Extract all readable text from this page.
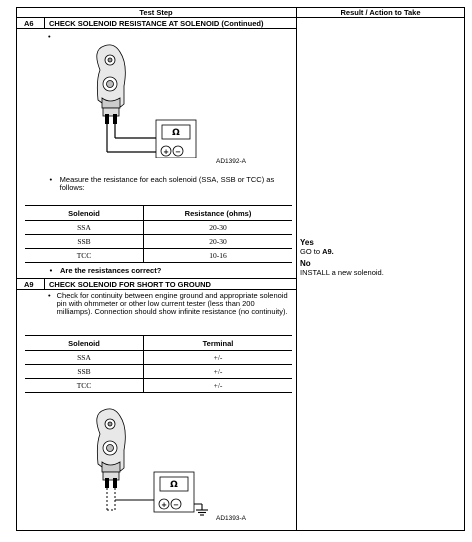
Test Step	Result / Action to Take
A6 CHECK SOLENOID RESISTANCE AT SOLENOID (Continued)
•
Ω
+ −
AD1392-A
• Measure the resistance for each solenoid (SSA, SSB or TCC) as follows:
Solenoid	Resistance (ohms)
SSA	20-30
SSB	20-30
TCC	10-16
• Are the resistances correct?
Yes
GO to A9.
No
INSTALL a new solenoid.
A9 CHECK SOLENOID FOR SHORT TO GROUND
• Check for continuity between engine ground and appropriate solenoid pin with ohmmeter or other low current tester (less than 200 milliamps). Connection should show infinite resistance (no continuity).
Solenoid	Terminal
SSA	+/-
SSB	+/-
TCC	+/-
Ω
+ −
AD1393-A
